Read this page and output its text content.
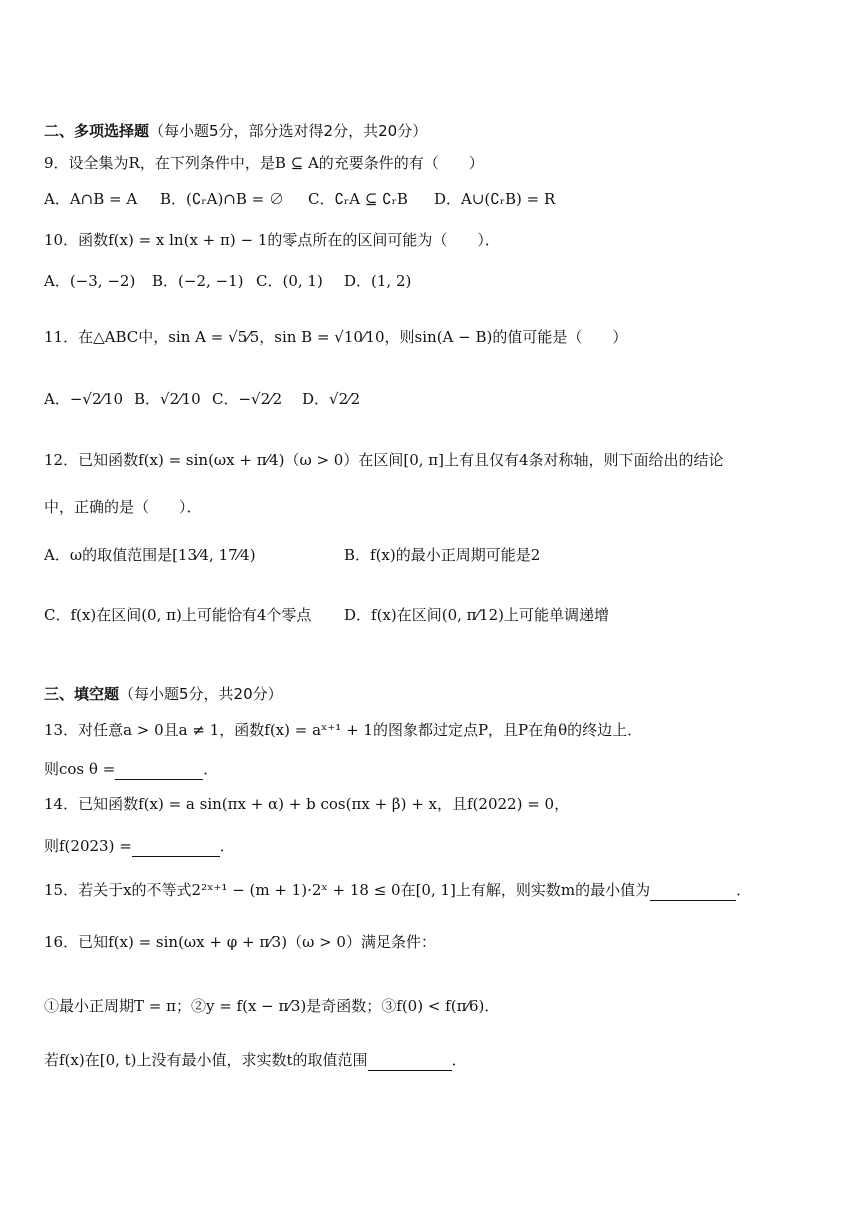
二、多项选择题（每小题5分，部分选对得2分，共20分）
9．设全集为R，在下列条件中，是B ⊆ A的充要条件的有（　　）
A．A∩B = A B．(∁ᵣA)∩B = ∅ C．∁ᵣA ⊆ ∁ᵣB D．A∪(∁ᵣB) = R
10．函数f(x) = x ln(x + π) − 1的零点所在的区间可能为（　　）．
A．(−3, −2) B．(−2, −1) C．(0, 1) D．(1, 2)
11．在△ABC中，sin A = √5⁄5，sin B = √10⁄10，则sin(A − B)的值可能是（　　）
A．−√2⁄10 B．√2⁄10 C．−√2⁄2 D．√2⁄2
12．已知函数f(x) = sin(ωx + π⁄4)（ω > 0）在区间[0, π]上有且仅有4条对称轴，则下面给出的结论
中，正确的是（　　）．
A．ω的取值范围是[13⁄4, 17⁄4)	B．f(x)的最小正周期可能是2
C．f(x)在区间(0, π)上可能恰有4个零点 D．f(x)在区间(0, π⁄12)上可能单调递增
三、填空题（每小题5分，共20分）
13．对任意a > 0且a ≠ 1，函数f(x) = aˣ⁺¹ + 1的图象都过定点P，且P在角θ的终边上．
则cos θ =	．
14．已知函数f(x) = a sin(πx + α) + b cos(πx + β) + x，且f(2022) = 0，
则f(2023) =	．
15．若关于x的不等式2²ˣ⁺¹ − (m + 1)·2ˣ + 18 ≤ 0在[0, 1]上有解，则实数m的最小值为	．
16．已知f(x) = sin(ωx + φ + π⁄3)（ω > 0）满足条件：
①最小正周期T = π；②y = f(x − π⁄3)是奇函数；③f(0) < f(π⁄6)．
若f(x)在[0, t)上没有最小值，求实数t的取值范围	．
